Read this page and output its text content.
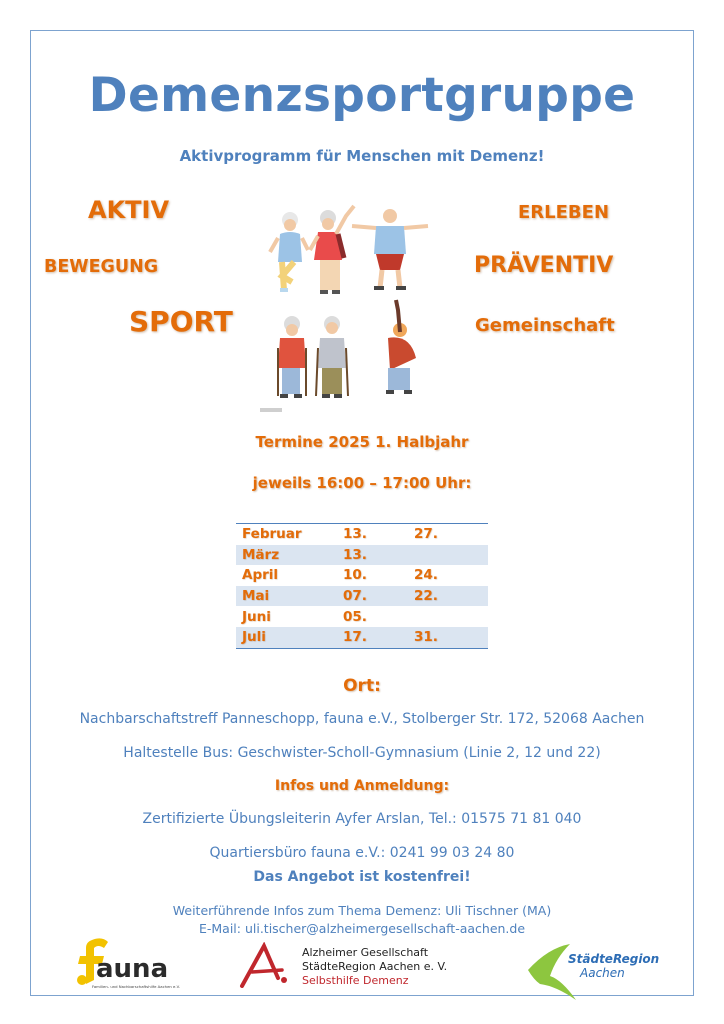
Demenzsportgruppe
Aktivprogramm für Menschen mit Demenz!
AKTIV	ERLEBEN
BEWEGUNG	PRÄVENTIV
SPORT	Gemeinschaft
Termine 2025 1. Halbjahr
jeweils 16:00 – 17:00 Uhr:
Februar	13.	27.
März	13.	
April	10.	24.
Mai	07.	22.
Juni	05.	
Juli	17.	31.
Ort:
Nachbarschaftstreff Panneschopp, fauna e.V., Stolberger Str. 172, 52068 Aachen
Haltestelle Bus: Geschwister-Scholl-Gymnasium (Linie 2, 12 und 22)
Infos und Anmeldung:
Zertifizierte Übungsleiterin Ayfer Arslan, Tel.: 01575 71 81 040
Quartiersbüro fauna e.V.: 0241 99 03 24 80
Das Angebot ist kostenfrei!
Weiterführende Infos zum Thema Demenz: Uli Tischner (MA)
E-Mail: uli.tischer@alzheimergesellschaft-aachen.de
auna
Familien- und Nachbarschaftshilfe Aachen e.V.
Alzheimer Gesellschaft
StädteRegion Aachen e. V.
Selbsthilfe Demenz
StädteRegion
Aachen
